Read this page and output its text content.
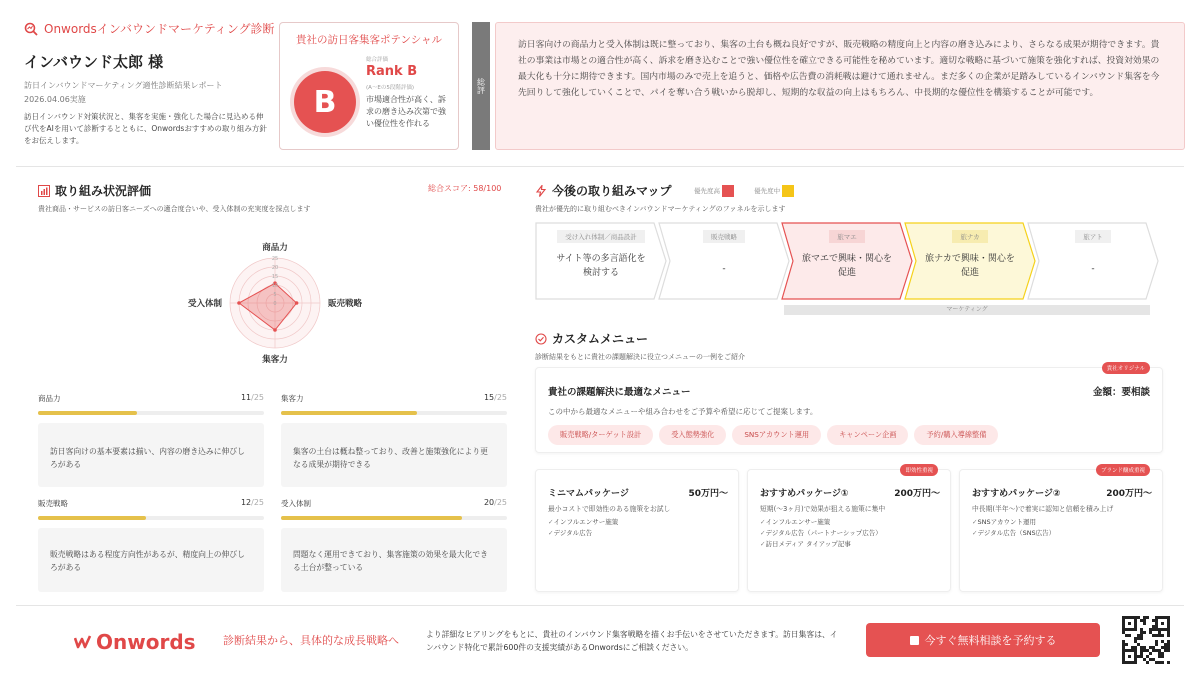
Onwordsインバウンドマーケティング診断
インバウンド太郎 様
訪日インバウンドマーケティング適性診断結果レポート
2026.04.06実施
訪日インバウンド対策状況と、集客を実施・強化した場合に見込める伸び代をAIを用いて診断するとともに、Onwordsおすすめの取り組み方針をお伝えします。
貴社の訪日客集客ポテンシャル
B
総合評価
Rank B
(A〜Eの5段階評価)
市場適合性が高く、訴求の磨き込み次第で強い優位性を作れる
総評
訪日客向けの商品力と受入体制は既に整っており、集客の土台も概ね良好ですが、販売戦略の精度向上と内容の磨き込みにより、さらなる成果が期待できます。貴社の事業は市場との適合性が高く、訴求を磨き込むことで強い優位性を確立できる可能性を秘めています。適切な戦略に基づいて施策を強化すれば、投資対効果の最大化も十分に期待できます。国内市場のみで売上を追うと、価格や広告費の消耗戦は避けて通れません。まだ多くの企業が足踏みしているインバウンド集客を今先回りして強化していくことで、パイを奪い合う戦いから脱却し、短期的な収益の向上はもちろん、中長期的な優位性を構築することが可能です。
取り組み状況評価	総合スコア: 58/100
貴社商品・サービスの訪日客ニーズへの適合度合いや、受入体制の充実度を採点します
25
20
15
10
5
0
商品力
販売戦略
集客力
受入体制
商品力	11/25
訪日客向けの基本要素は揃い、内容の磨き込みに伸びしろがある
集客力	15/25
集客の土台は概ね整っており、改善と施策強化により更なる成果が期待できる
販売戦略	12/25
販売戦略はある程度方向性があるが、精度向上の伸びしろがある
受入体制	20/25
問題なく運用できており、集客施策の効果を最大化できる土台が整っている
今後の取り組みマップ	優先度高	優先度中
貴社が優先的に取り組むべきインバウンドマーケティングのファネルを示します
受け入れ体制／商品設計
サイト等の多言語化を検討する
販売戦略
-
旅マエ
旅マエで興味・関心を促進
旅ナカ
旅ナカで興味・関心を促進
旅アト
-
マーケティング
カスタムメニュー
診断結果をもとに貴社の課題解決に役立つメニューの一例をご紹介
貴社オリジナル
貴社の課題解決に最適なメニュー	金額：要相談
この中から最適なメニューや組み合わせをご予算や希望に応じてご提案します。
販売戦略/ターゲット設計	受入態勢強化	SNSアカウント運用	キャンペーン企画	予約/購入導線整備
ミニマムパッケージ	50万円〜
最小コストで即効性のある施策をお試し
✓ インフルエンサー施策
✓ デジタル広告
即効性重視
おすすめパッケージ①	200万円〜
短期(〜3ヶ月)で効果が狙える施策に集中
✓ インフルエンサー施策
✓ デジタル広告（パートナーシップ広告）
✓ 訪日メディア タイアップ記事
ブランド醸成重視
おすすめパッケージ②	200万円〜
中長期(半年〜)で着実に認知と信頼を積み上げ
✓ SNSアカウント運用
✓ デジタル広告（SNS広告）
Onwords 診断結果から、具体的な成長戦略へ	より詳細なヒアリングをもとに、貴社のインバウンド集客戦略を描くお手伝いをさせていただきます。訪日集客は、インバウンド特化で累計600件の支援実績があるOnwordsにご相談ください。
今すぐ無料相談を予約する
